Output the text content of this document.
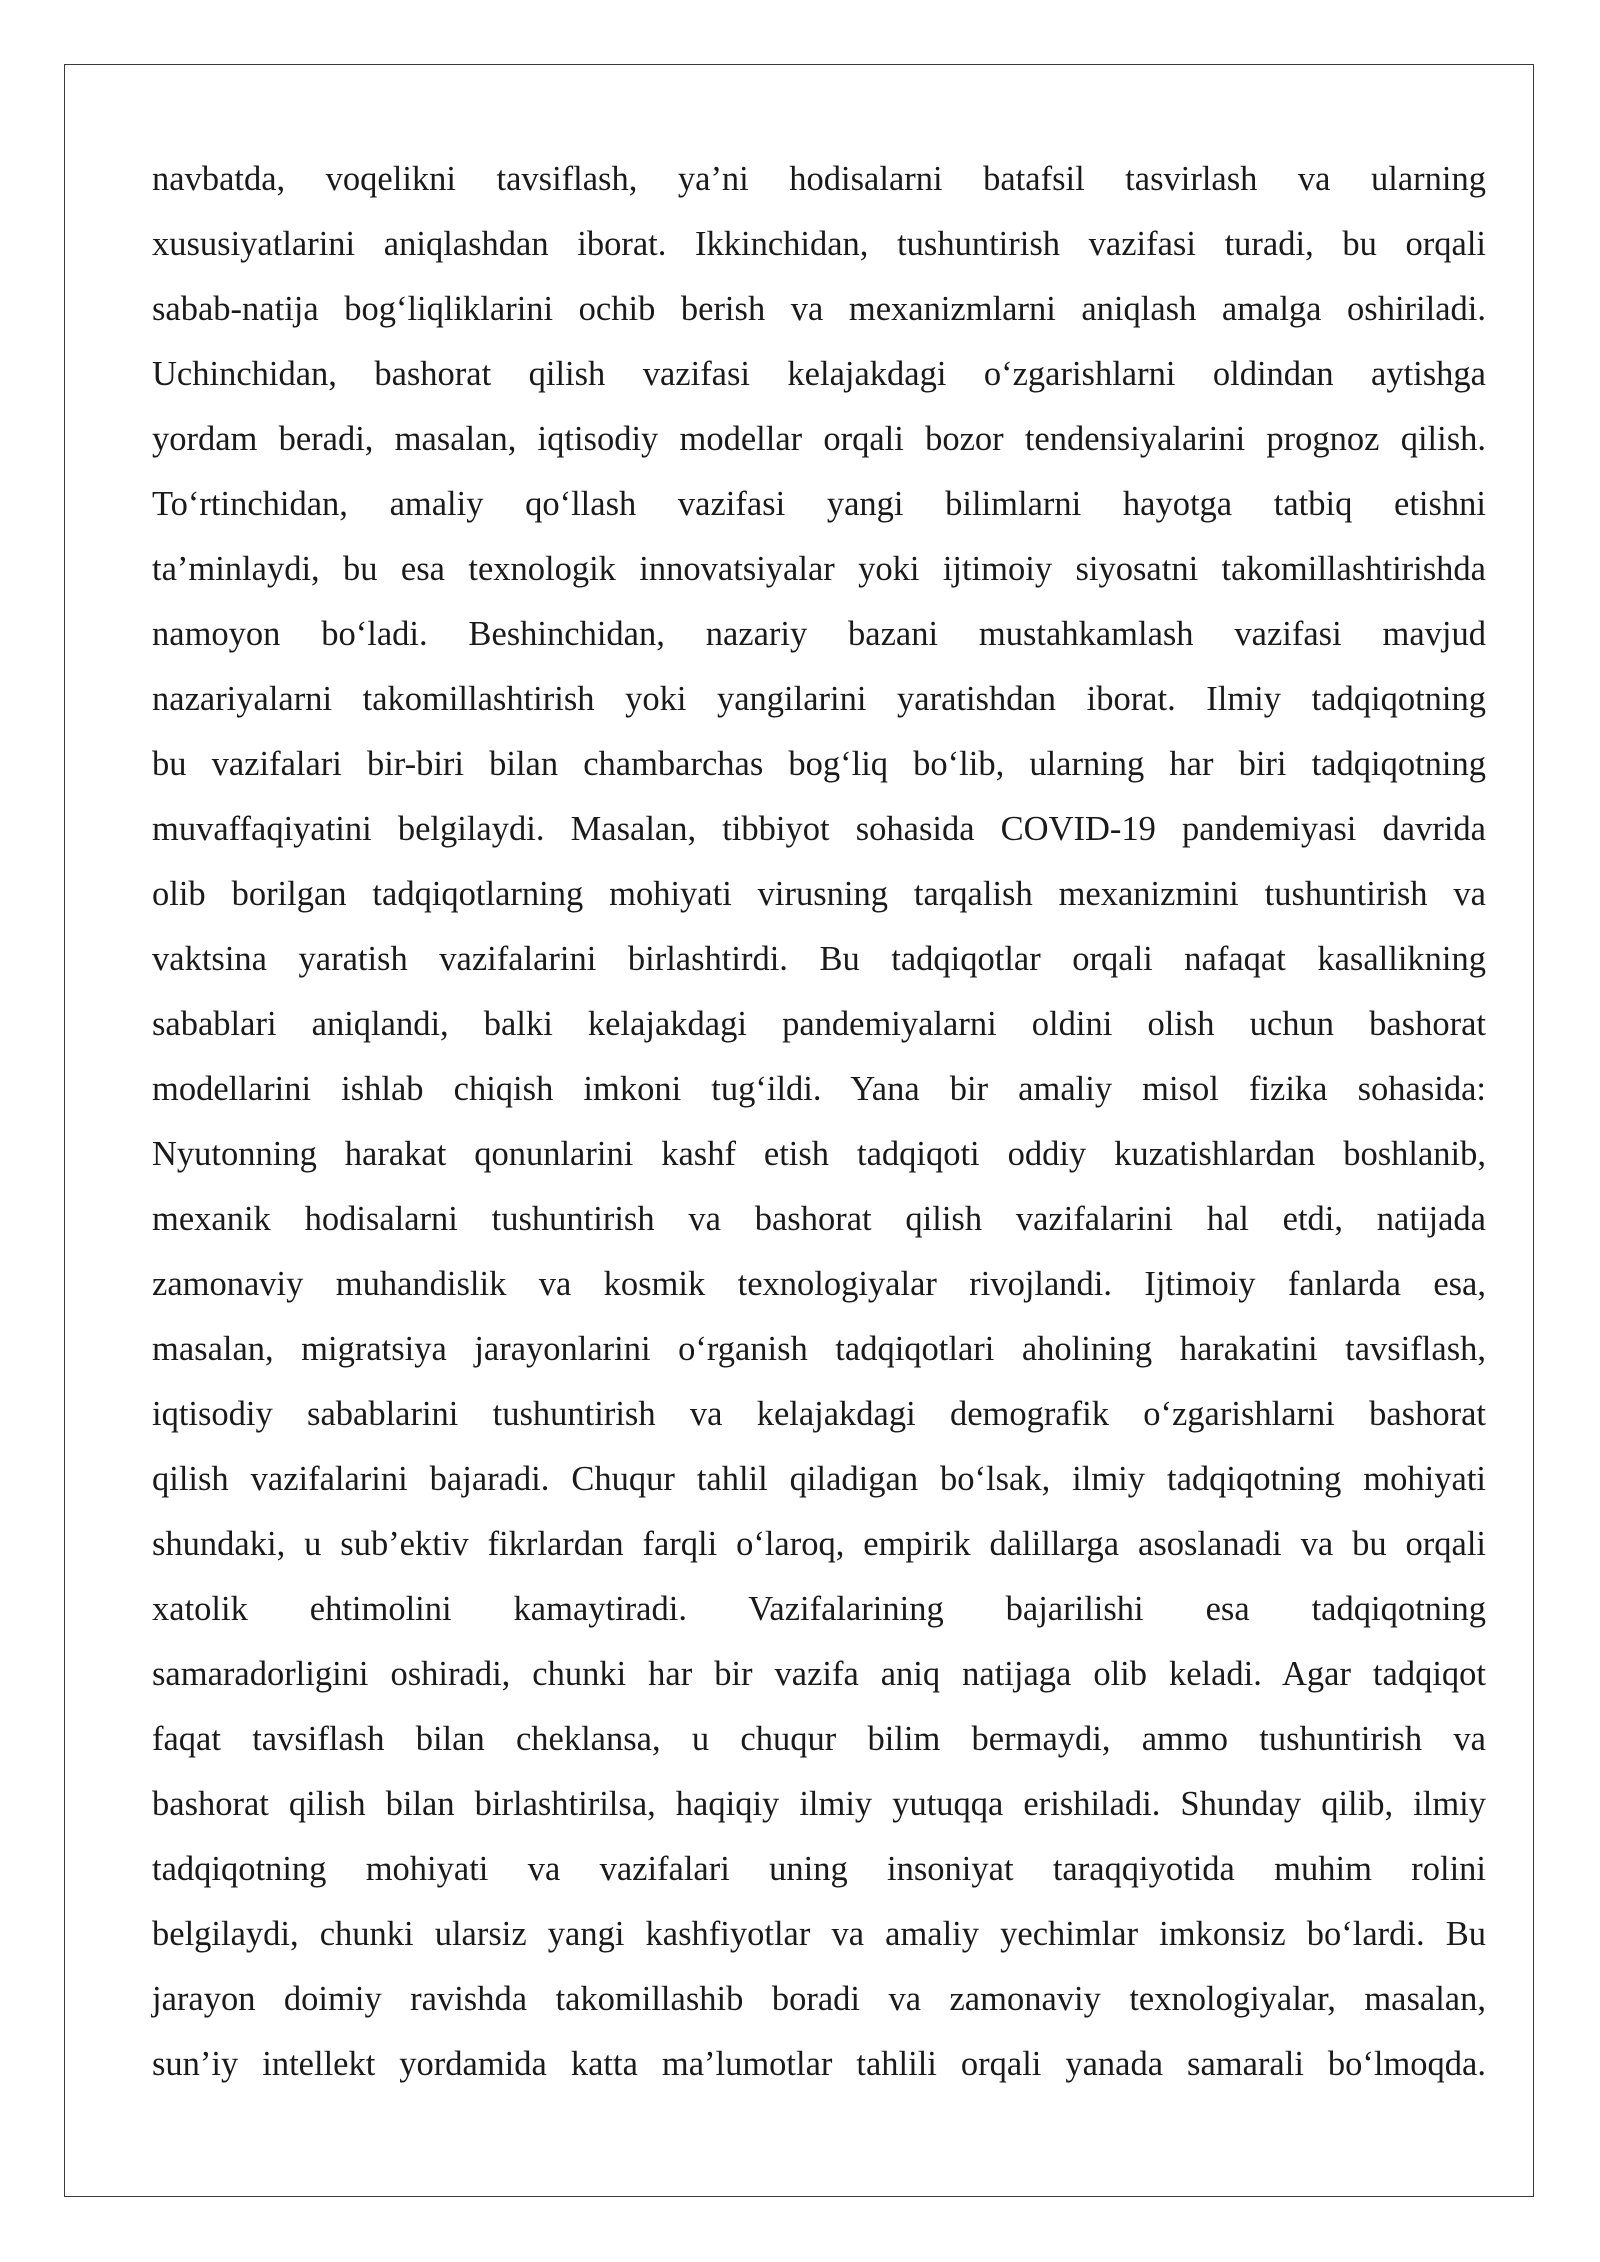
navbatda, voqelikni tavsiflash, ya’ni hodisalarni batafsil tasvirlash va ularning
xususiyatlarini aniqlashdan iborat. Ikkinchidan, tushuntirish vazifasi turadi, bu orqali
sabab-natija bog‘liqliklarini ochib berish va mexanizmlarni aniqlash amalga oshiriladi.
Uchinchidan, bashorat qilish vazifasi kelajakdagi o‘zgarishlarni oldindan aytishga
yordam beradi, masalan, iqtisodiy modellar orqali bozor tendensiyalarini prognoz qilish.
To‘rtinchidan, amaliy qo‘llash vazifasi yangi bilimlarni hayotga tatbiq etishni
ta’minlaydi, bu esa texnologik innovatsiyalar yoki ijtimoiy siyosatni takomillashtirishda
namoyon bo‘ladi. Beshinchidan, nazariy bazani mustahkamlash vazifasi mavjud
nazariyalarni takomillashtirish yoki yangilarini yaratishdan iborat. Ilmiy tadqiqotning
bu vazifalari bir-biri bilan chambarchas bog‘liq bo‘lib, ularning har biri tadqiqotning
muvaffaqiyatini belgilaydi. Masalan, tibbiyot sohasida COVID-19 pandemiyasi davrida
olib borilgan tadqiqotlarning mohiyati virusning tarqalish mexanizmini tushuntirish va
vaktsina yaratish vazifalarini birlashtirdi. Bu tadqiqotlar orqali nafaqat kasallikning
sabablari aniqlandi, balki kelajakdagi pandemiyalarni oldini olish uchun bashorat
modellarini ishlab chiqish imkoni tug‘ildi. Yana bir amaliy misol fizika sohasida:
Nyutonning harakat qonunlarini kashf etish tadqiqoti oddiy kuzatishlardan boshlanib,
mexanik hodisalarni tushuntirish va bashorat qilish vazifalarini hal etdi, natijada
zamonaviy muhandislik va kosmik texnologiyalar rivojlandi. Ijtimoiy fanlarda esa,
masalan, migratsiya jarayonlarini o‘rganish tadqiqotlari aholining harakatini tavsiflash,
iqtisodiy sabablarini tushuntirish va kelajakdagi demografik o‘zgarishlarni bashorat
qilish vazifalarini bajaradi. Chuqur tahlil qiladigan bo‘lsak, ilmiy tadqiqotning mohiyati
shundaki, u sub’ektiv fikrlardan farqli o‘laroq, empirik dalillarga asoslanadi va bu orqali
xatolik ehtimolini kamaytiradi. Vazifalarining bajarilishi esa tadqiqotning
samaradorligini oshiradi, chunki har bir vazifa aniq natijaga olib keladi. Agar tadqiqot
faqat tavsiflash bilan cheklansa, u chuqur bilim bermaydi, ammo tushuntirish va
bashorat qilish bilan birlashtirilsa, haqiqiy ilmiy yutuqqa erishiladi. Shunday qilib, ilmiy
tadqiqotning mohiyati va vazifalari uning insoniyat taraqqiyotida muhim rolini
belgilaydi, chunki ularsiz yangi kashfiyotlar va amaliy yechimlar imkonsiz bo‘lardi. Bu
jarayon doimiy ravishda takomillashib boradi va zamonaviy texnologiyalar, masalan,
sun’iy intellekt yordamida katta ma’lumotlar tahlili orqali yanada samarali bo‘lmoqda.
